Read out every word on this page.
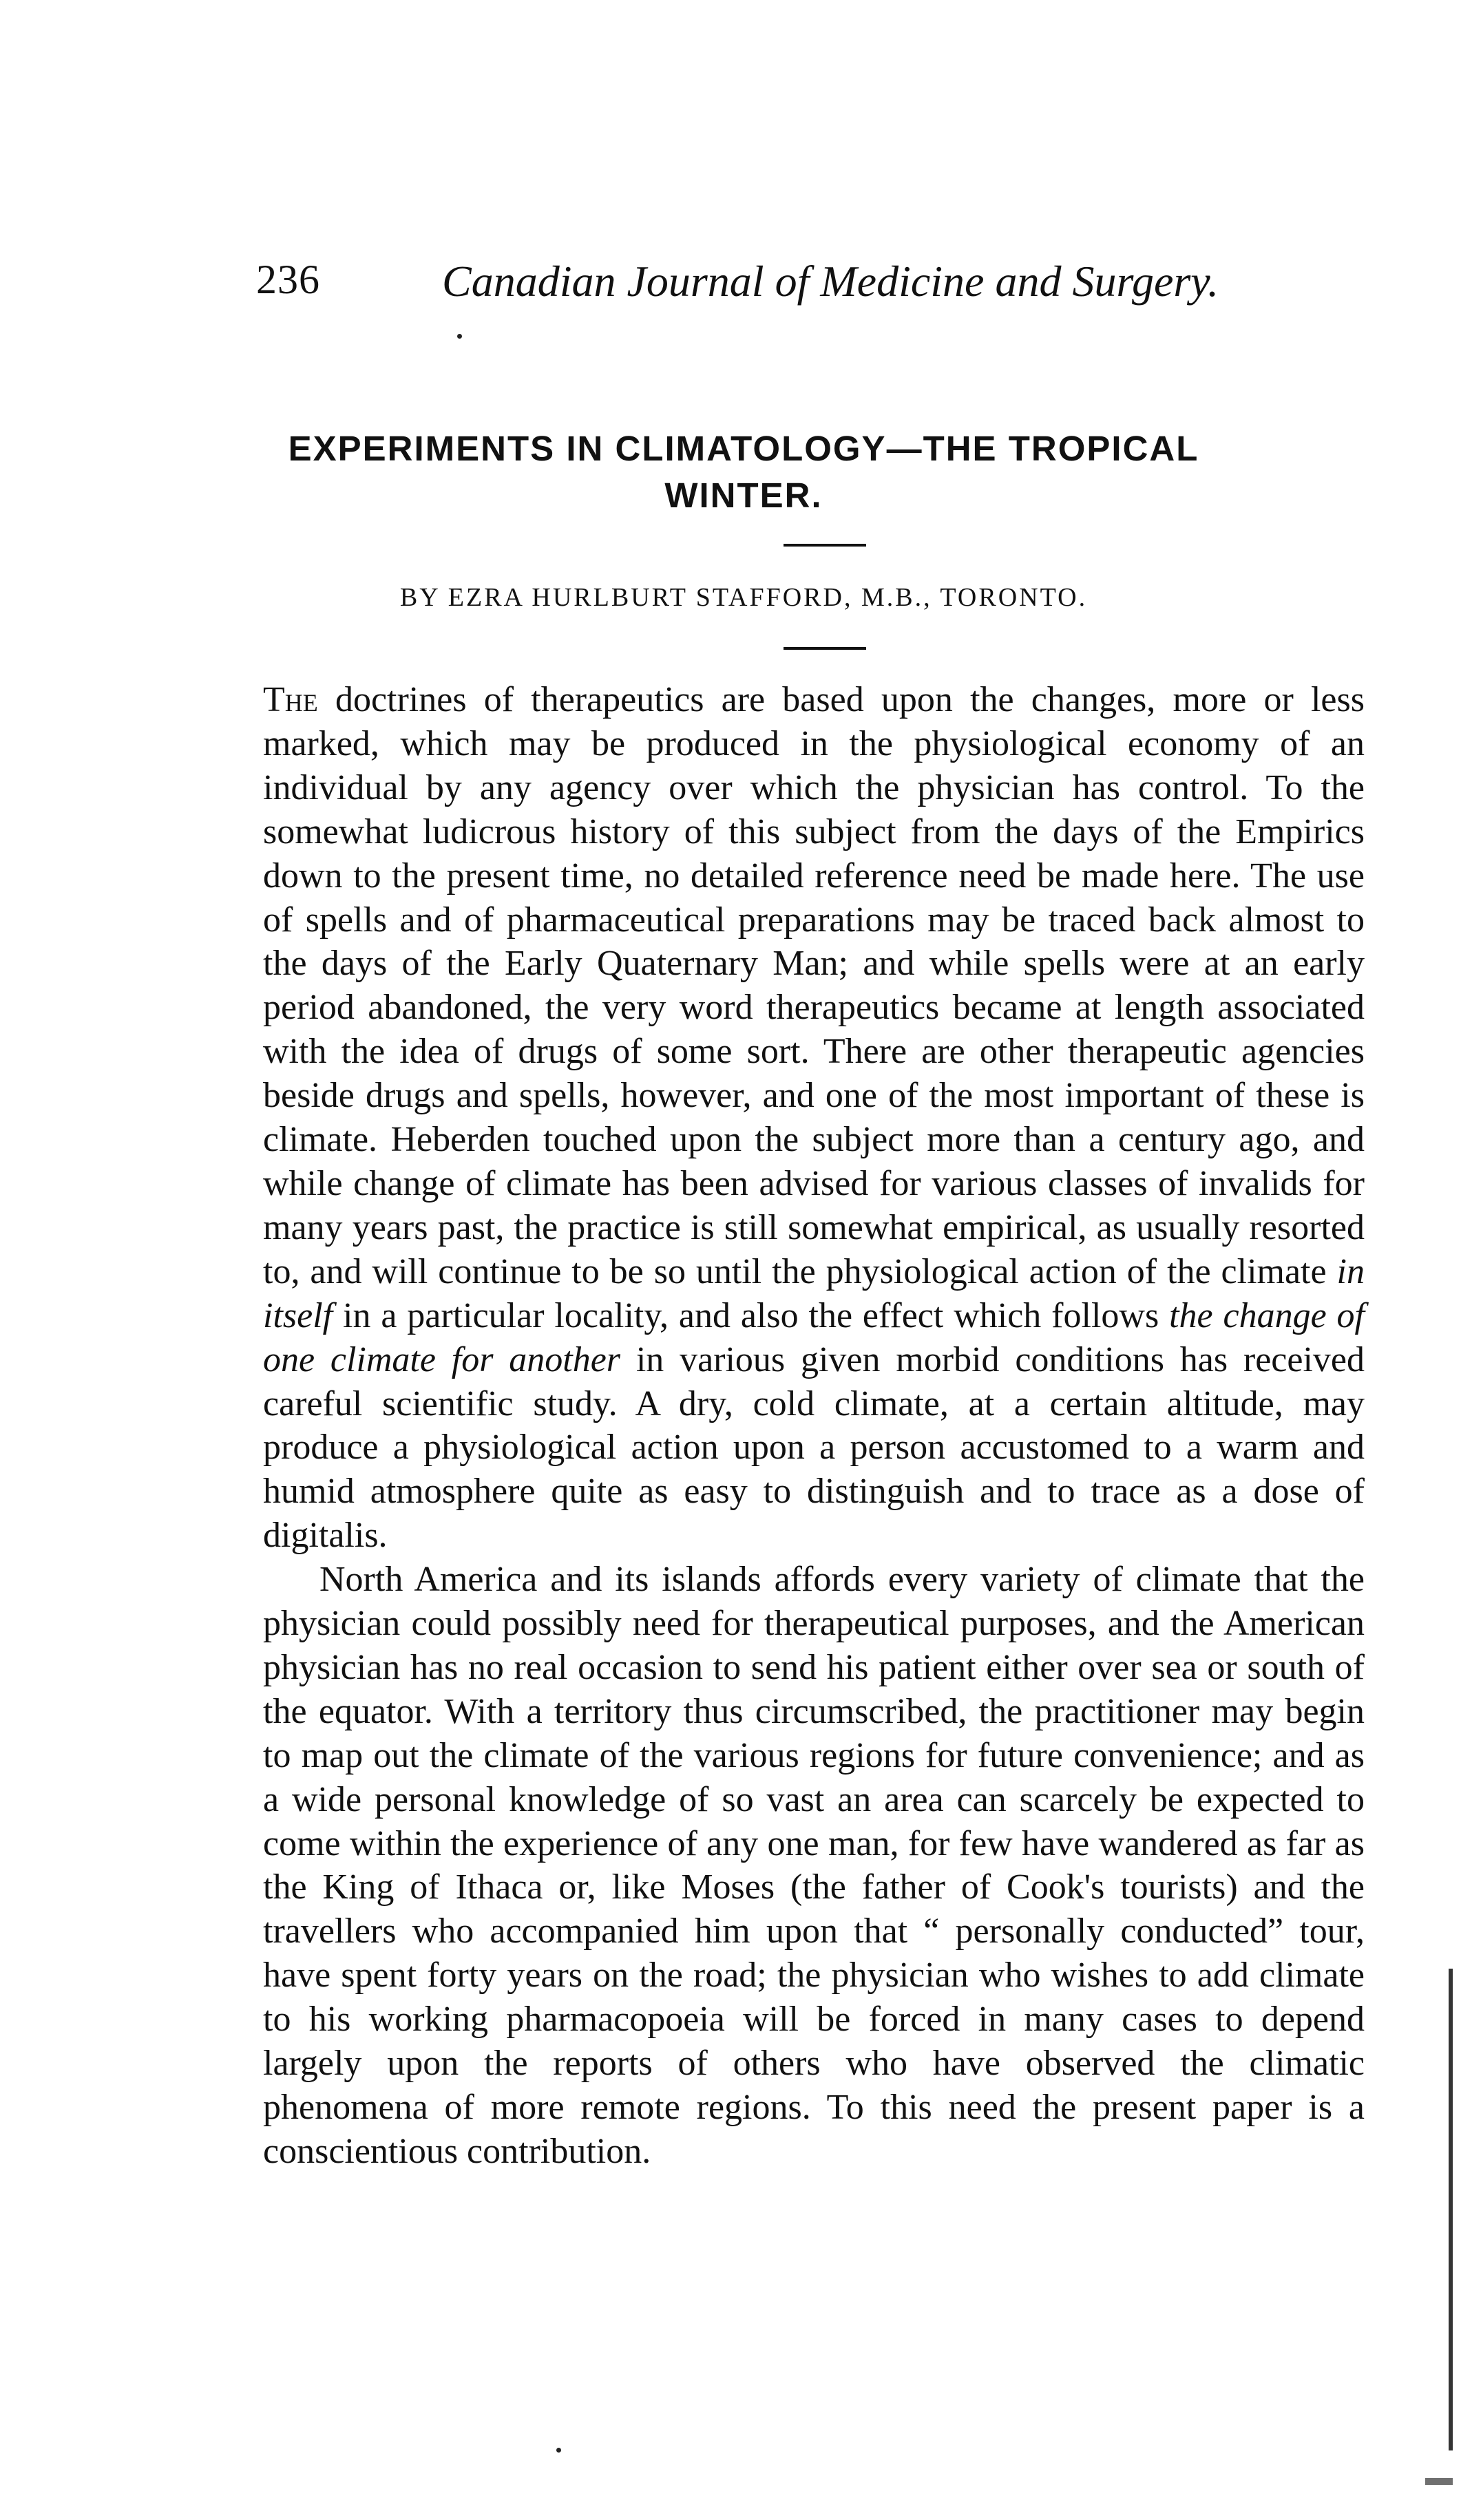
236	Canadian Journal of Medicine and Surgery.
EXPERIMENTS IN CLIMATOLOGY—THE TROPICAL
WINTER.
BY EZRA HURLBURT STAFFORD, M.B., TORONTO.

The doctrines of therapeutics are based upon the changes, more or less marked, which may be produced in the physiological economy of an individual by any agency over which the physician has control. To the somewhat ludicrous history of this subject from the days of the Empirics down to the present time, no detailed reference need be made here. The use of spells and of pharmaceutical preparations may be traced back almost to the days of the Early Quaternary Man; and while spells were at an early period abandoned, the very word therapeutics became at length associated with the idea of drugs of some sort. There are other therapeutic agencies beside drugs and spells, however, and one of the most important of these is climate. Heberden touched upon the subject more than a century ago, and while change of climate has been advised for various classes of invalids for many years past, the practice is still somewhat empirical, as usually resorted to, and will continue to be so until the physiological action of the climate in itself in a particular locality, and also the effect which follows the change of one climate for another in various given morbid conditions has received careful scientific study. A dry, cold climate, at a certain altitude, may produce a physiological action upon a person accustomed to a warm and humid atmosphere quite as easy to distinguish and to trace as a dose of digitalis.

North America and its islands affords every variety of climate that the physician could possibly need for therapeutical purposes, and the American physician has no real occasion to send his patient either over sea or south of the equator. With a territory thus circumscribed, the practitioner may begin to map out the climate of the various regions for future convenience; and as a wide personal knowledge of so vast an area can scarcely be expected to come within the experience of any one man, for few have wandered as far as the King of Ithaca or, like Moses (the father of Cook's tourists) and the travellers who accompanied him upon that “ personally conducted” tour, have spent forty years on the road; the physician who wishes to add climate to his working pharmacopoeia will be forced in many cases to depend largely upon the reports of others who have observed the climatic phenomena of more remote regions. To this need the present paper is a conscientious contribution.
